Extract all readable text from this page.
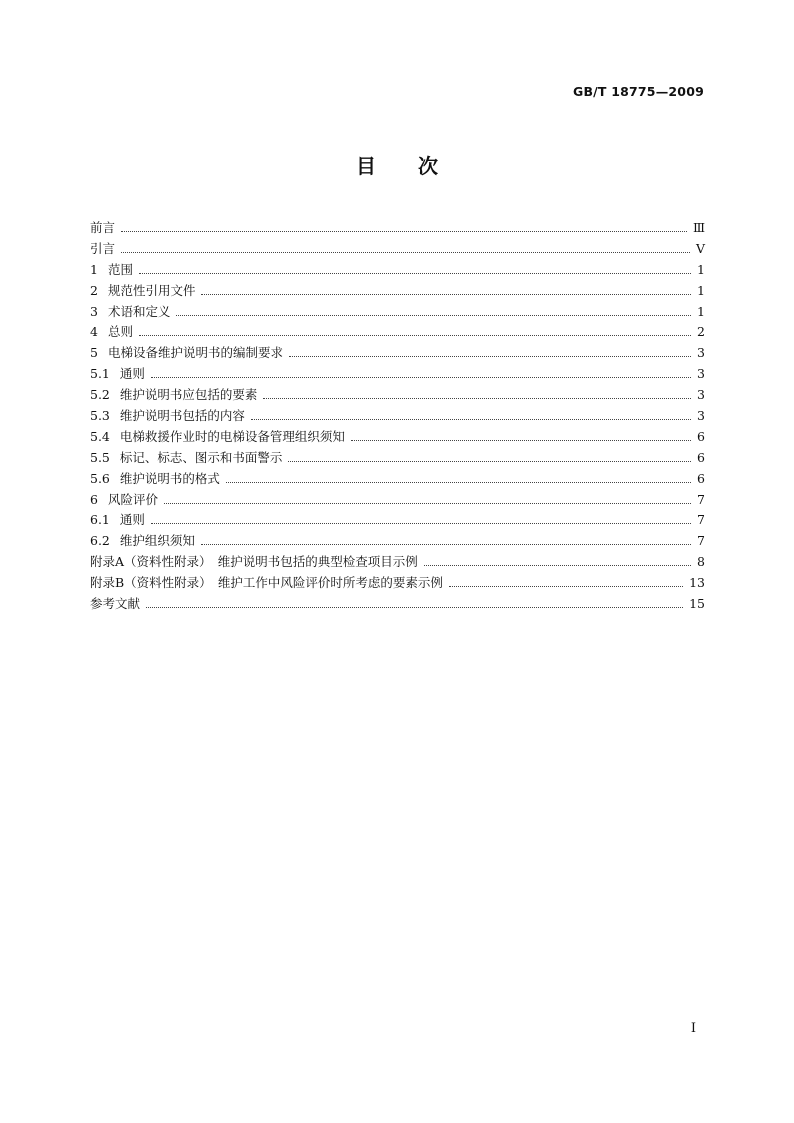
GB/T 18775—2009
目次
前言	Ⅲ
引言	Ⅴ
1 范围	1
2 规范性引用文件	1
3 术语和定义	1
4 总则	2
5 电梯设备维护说明书的编制要求	3
5.1 通则	3
5.2 维护说明书应包括的要素	3
5.3 维护说明书包括的内容	3
5.4 电梯救援作业时的电梯设备管理组织须知	6
5.5 标记、标志、图示和书面警示	6
5.6 维护说明书的格式	6
6 风险评价	7
6.1 通则	7
6.2 维护组织须知	7
附录A（资料性附录）　维护说明书包括的典型检查项目示例	8
附录B（资料性附录）　维护工作中风险评价时所考虑的要素示例	13
参考文献	15
Ⅰ
